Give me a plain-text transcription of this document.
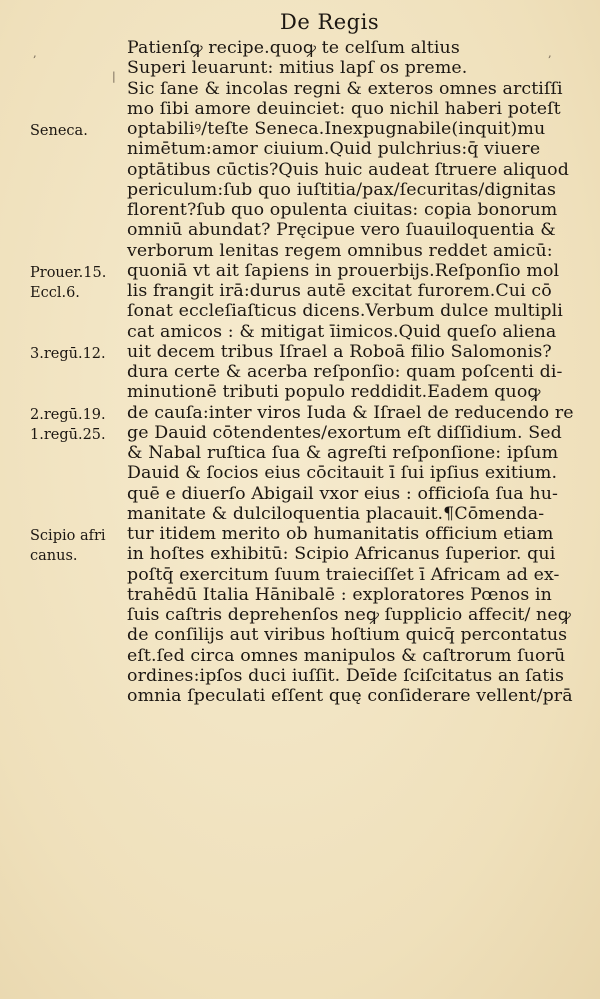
De Regis
Patienſꝙ recipe.quoꝙ te celſum altius
Superi leuarunt: mitius lapſ os preme.
Sic ſane & incolas regni & exteros omnes arctiſſi
mo ſibi amore deuinciet: quo nichil haberi poteſt
optabiliꝰ/teſte Seneca.Inexpugnabile(inquit)mu
nimētum:amor ciuium.Quid pulchrius:q̄ viuere
optātibus cūctis?Quis huic audeat ſtruere aliquod
periculum:ſub quo iuſtitia/pax/ſecuritas/dignitas
florent?ſub quo opulenta ciuitas: copia bonorum
omniū abundat? Pręcipue vero ſuauiloquentia &
verborum lenitas regem omnibus reddet amicū:
quoniā vt ait ſapiens in prouerbijs.Reſponſio mol
lis frangit irā:durus autē excitat furorem.Cui cō
ſonat eccleſiaſticus dicens.Verbum dulce multipli
cat amicos : & mitigat īimicos.Quid queſo aliena
uit decem tribus Iſrael a Roboā filio Salomonis?
dura certe & acerba reſponſio: quam poſcenti di-
minutionē tributi populo reddidit.Eadem quoꝙ
de cauſa:inter viros Iuda & Iſrael de reducendo re
ge Dauid cōtendentes/exortum eſt diſſidium. Sed
& Nabal ruſtica ſua & agreſti reſponſione: ipſum
Dauid & ſocios eius cōcitauit ī ſui ipſius exitium.
quē e diuerſo Abigail vxor eius : officioſa ſua hu-
manitate & dulciloquentia placauit.¶Cōmenda-
tur itidem merito ob humanitatis officium etiam
in hoſtes exhibitū: Scipio Africanus ſuperior. qui
poſtq̄ exercitum ſuum traieciſſet ī Africam ad ex-
trahēdū Italia Hānibalē : exploratores Pœnos in
ſuis caſtris deprehenſos neꝙ ſupplicio affecit/ neꝙ
de conſilijs aut viribus hoſtium quicq̄ percontatus
eſt.ſed circa omnes manipulos & caſtrorum ſuorū
ordines:ipſos duci iuſſit. Deīde ſciſcitatus an ſatis
omnia ſpeculati eſſent quę conſiderare vellent/prā
Seneca.
Prouer.15.
Eccl.6.
3.regū.12.
2.regū.19.
1.regū.25.
Scipio afri
canus.
‚
|
‚
